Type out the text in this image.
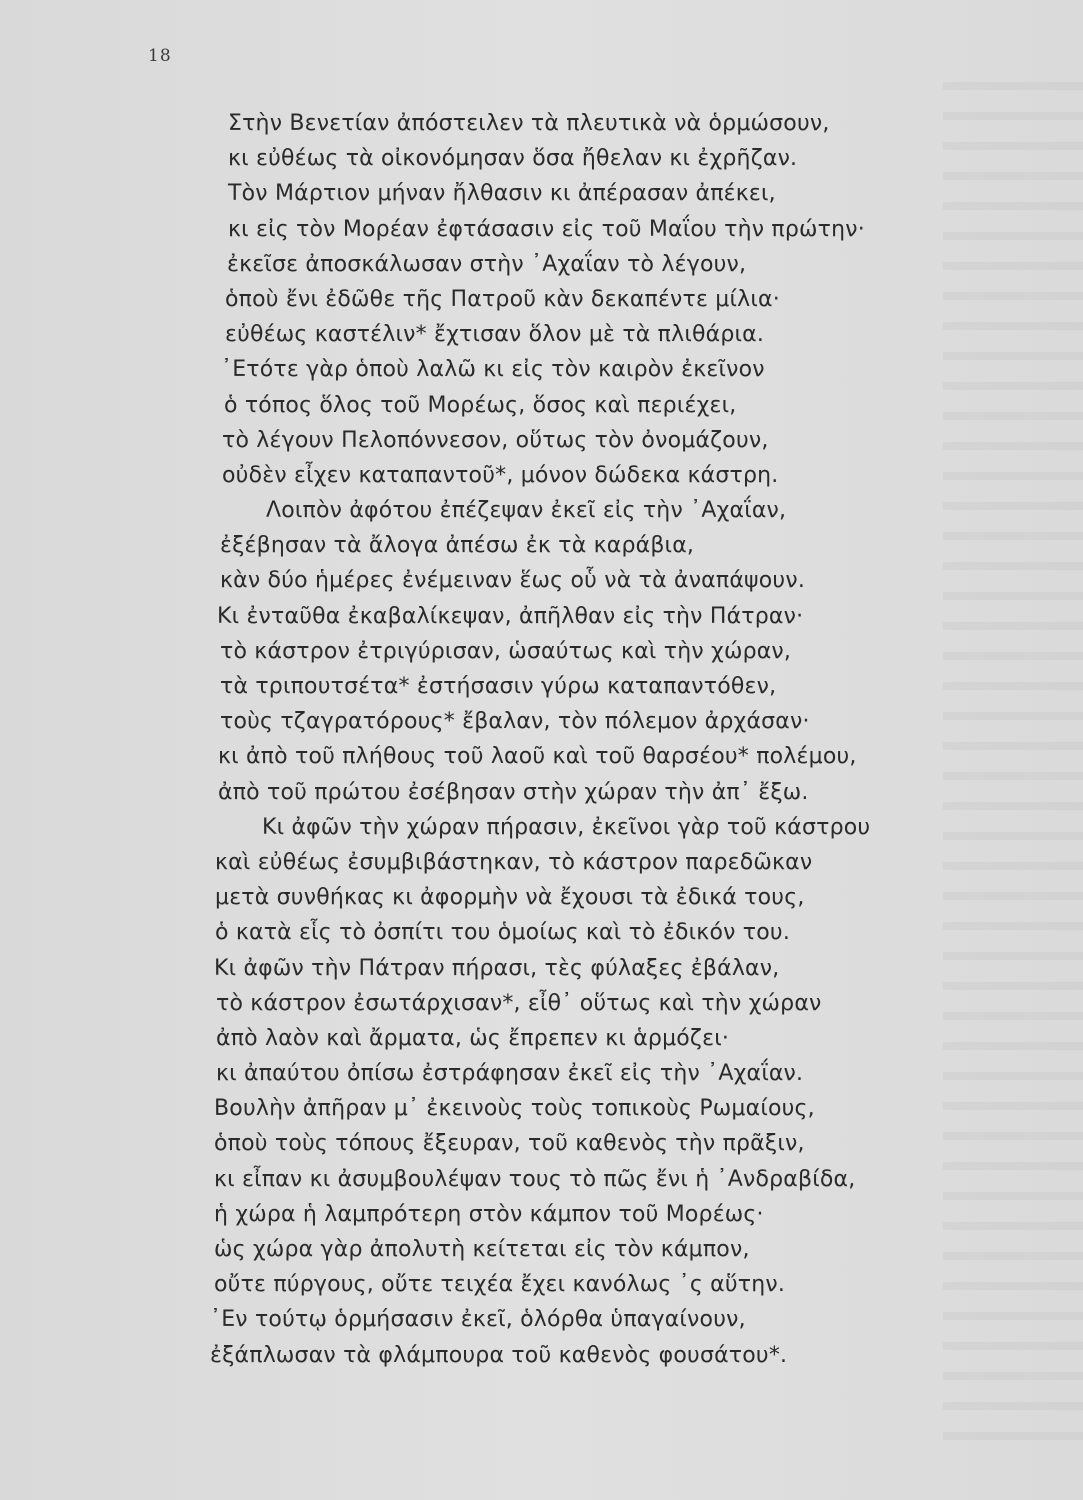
18
Στὴν Βενετίαν ἀπόστειλεν τὰ πλευτικὰ νὰ ὁρμώσουν,
κι εὐθέως τὰ οἰκονόμησαν ὅσα ἤθελαν κι ἐχρῆζαν.
Τὸν Μάρτιον μήναν ἤλθασιν κι ἀπέρασαν ἀπέκει,
κι εἰς τὸν Μορέαν ἐφτάσασιν εἰς τοῦ Μαΐου τὴν πρώτην·
ἐκεῖσε ἀποσκάλωσαν στὴν ᾿Αχαΐαν τὸ λέγουν,
ὁποὺ ἔνι ἐδῶθε τῆς Πατροῦ κὰν δεκαπέντε μίλια·
εὐθέως καστέλιν* ἔχτισαν ὅλον μὲ τὰ πλιθάρια.
᾿Ετότε γὰρ ὁποὺ λαλῶ κι εἰς τὸν καιρὸν ἐκεῖνον
ὁ τόπος ὅλος τοῦ Μορέως, ὅσος καὶ περιέχει,
τὸ λέγουν Πελοπόννεσον, οὕτως τὸν ὀνομάζουν,
οὐδὲν εἶχεν καταπαντοῦ*, μόνον δώδεκα κάστρη.
Λοιπὸν ἀφότου ἐπέζεψαν ἐκεῖ εἰς τὴν ᾿Αχαΐαν,
ἐξέβησαν τὰ ἄλογα ἀπέσω ἐκ τὰ καράβια,
κὰν δύο ἡμέρες ἐνέμειναν ἕως οὗ νὰ τὰ ἀναπάψουν.
Κι ἐνταῦθα ἐκαβαλίκεψαν, ἀπῆλθαν εἰς τὴν Πάτραν·
τὸ κάστρον ἐτριγύρισαν, ὡσαύτως καὶ τὴν χώραν,
τὰ τριπουτσέτα* ἐστήσασιν γύρω καταπαντόθεν,
τοὺς τζαγρατόρους* ἔβαλαν, τὸν πόλεμον ἀρχάσαν·
κι ἀπὸ τοῦ πλήθους τοῦ λαοῦ καὶ τοῦ θαρσέου* πολέμου,
ἀπὸ τοῦ πρώτου ἐσέβησαν στὴν χώραν τὴν ἀπ᾿ ἔξω.
Κι ἀφῶν τὴν χώραν πήρασιν, ἐκεῖνοι γὰρ τοῦ κάστρου
καὶ εὐθέως ἐσυμβιβάστηκαν, τὸ κάστρον παρεδῶκαν
μετὰ συνθήκας κι ἀφορμὴν νὰ ἔχουσι τὰ ἐδικά τους,
ὁ κατὰ εἷς τὸ ὀσπίτι του ὁμοίως καὶ τὸ ἐδικόν του.
Κι ἀφῶν τὴν Πάτραν πήρασι, τὲς φύλαξες ἐβάλαν,
τὸ κάστρον ἐσωτάρχισαν*, εἶθ᾿ οὕτως καὶ τὴν χώραν
ἀπὸ λαὸν καὶ ἄρματα, ὡς ἔπρεπεν κι ἁρμόζει·
κι ἀπαύτου ὀπίσω ἐστράφησαν ἐκεῖ εἰς τὴν ᾿Αχαΐαν.
Βουλὴν ἀπῆραν μ᾿ ἐκεινοὺς τοὺς τοπικοὺς Ρωμαίους,
ὁποὺ τοὺς τόπους ἔξευραν, τοῦ καθενὸς τὴν πρᾶξιν,
κι εἶπαν κι ἀσυμβουλέψαν τους τὸ πῶς ἔνι ἡ ᾿Ανδραβίδα,
ἡ χώρα ἡ λαμπρότερη στὸν κάμπον τοῦ Μορέως·
ὡς χώρα γὰρ ἀπολυτὴ κείτεται εἰς τὸν κάμπον,
οὔτε πύργους, οὔτε τειχέα ἔχει κανόλως ᾿ς αὕτην.
᾿Εν τούτῳ ὁρμήσασιν ἐκεῖ, ὁλόρθα ὑπαγαίνουν,
ἐξάπλωσαν τὰ φλάμπουρα τοῦ καθενὸς φουσάτου*.
